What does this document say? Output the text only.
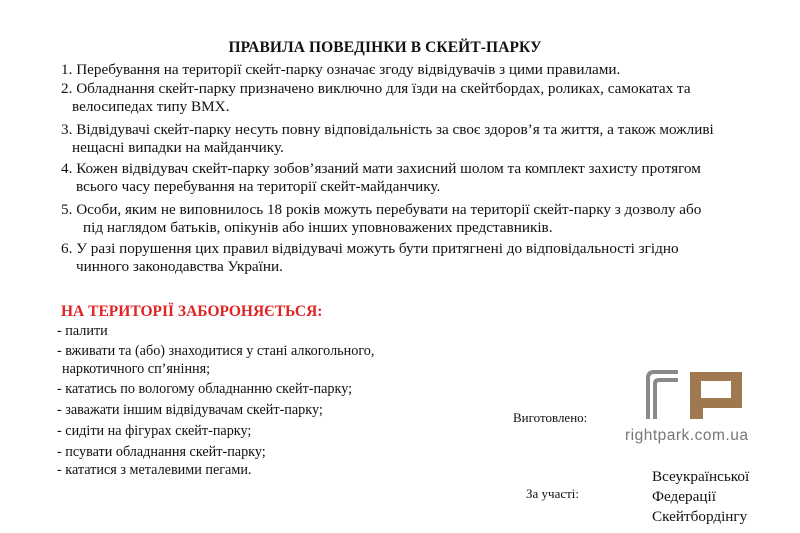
ПРАВИЛА ПОВЕДІНКИ В СКЕЙТ-ПАРКУ
1. Перебування на території скейт-парку означає згоду відвідувачів з цими правилами.
2. Обладнання скейт-парку призначено виключно для їзди на скейтбордах, роликах, самокатах та
велосипедах типу BMX.
3. Відвідувачі скейт-парку несуть повну відповідальність за своє здоров’я та життя, а також можливі
нещасні випадки на майданчику.
4. Кожен відвідувач скейт-парку зобов’язаний мати захисний шолом та комплект захисту протягом
всього часу перебування на території скейт-майданчику.
5. Особи, яким не виповнилось 18 років можуть перебувати на території скейт-парку з дозволу або
під наглядом батьків, опікунів або інших уповноважених представників.
6. У разі порушення цих правил відвідувачі можуть бути притягнені до відповідальності згідно
чинного законодавства України.
НА ТЕРИТОРІЇ ЗАБОРОНЯЄТЬСЯ:
- палити
- вживати та (або) знаходитися у стані алкогольного,
наркотичного сп’яніння;
- кататись по вологому обладнанню скейт-парку;
- заважати іншим відвідувачам скейт-парку;
- сидіти на фігурах скейт-парку;
- псувати обладнання скейт-парку;
- кататися з металевими пегами.
Виготовлено:
rightpark.com.ua
За участі:
Всеукраїнської
Федерації
Скейтбордінгу
